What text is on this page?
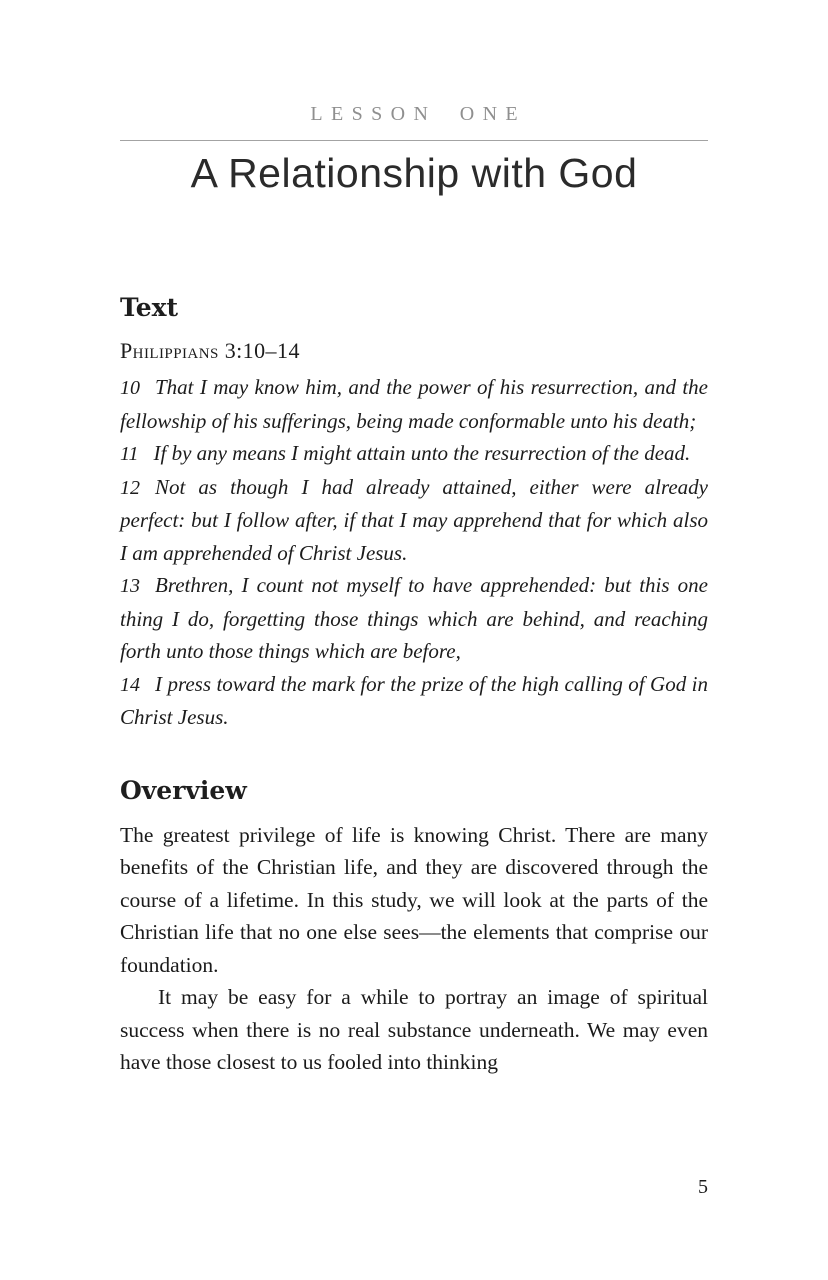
LESSON ONE
A Relationship with God
Text

Philippians 3:10–14

10 That I may know him, and the power of his resurrection, and the fellowship of his sufferings, being made conformable unto his death;

11 If by any means I might attain unto the resurrection of the dead.

12 Not as though I had already attained, either were already perfect: but I follow after, if that I may apprehend that for which also I am apprehended of Christ Jesus.

13 Brethren, I count not myself to have apprehended: but this one thing I do, forgetting those things which are behind, and reaching forth unto those things which are before,

14 I press toward the mark for the prize of the high calling of God in Christ Jesus.

Overview

The greatest privilege of life is knowing Christ. There are many benefits of the Christian life, and they are discovered through the course of a lifetime. In this study, we will look at the parts of the Christian life that no one else sees—the elements that comprise our foundation.

It may be easy for a while to portray an image of spiritual success when there is no real substance underneath. We may even have those closest to us fooled into thinking

5
